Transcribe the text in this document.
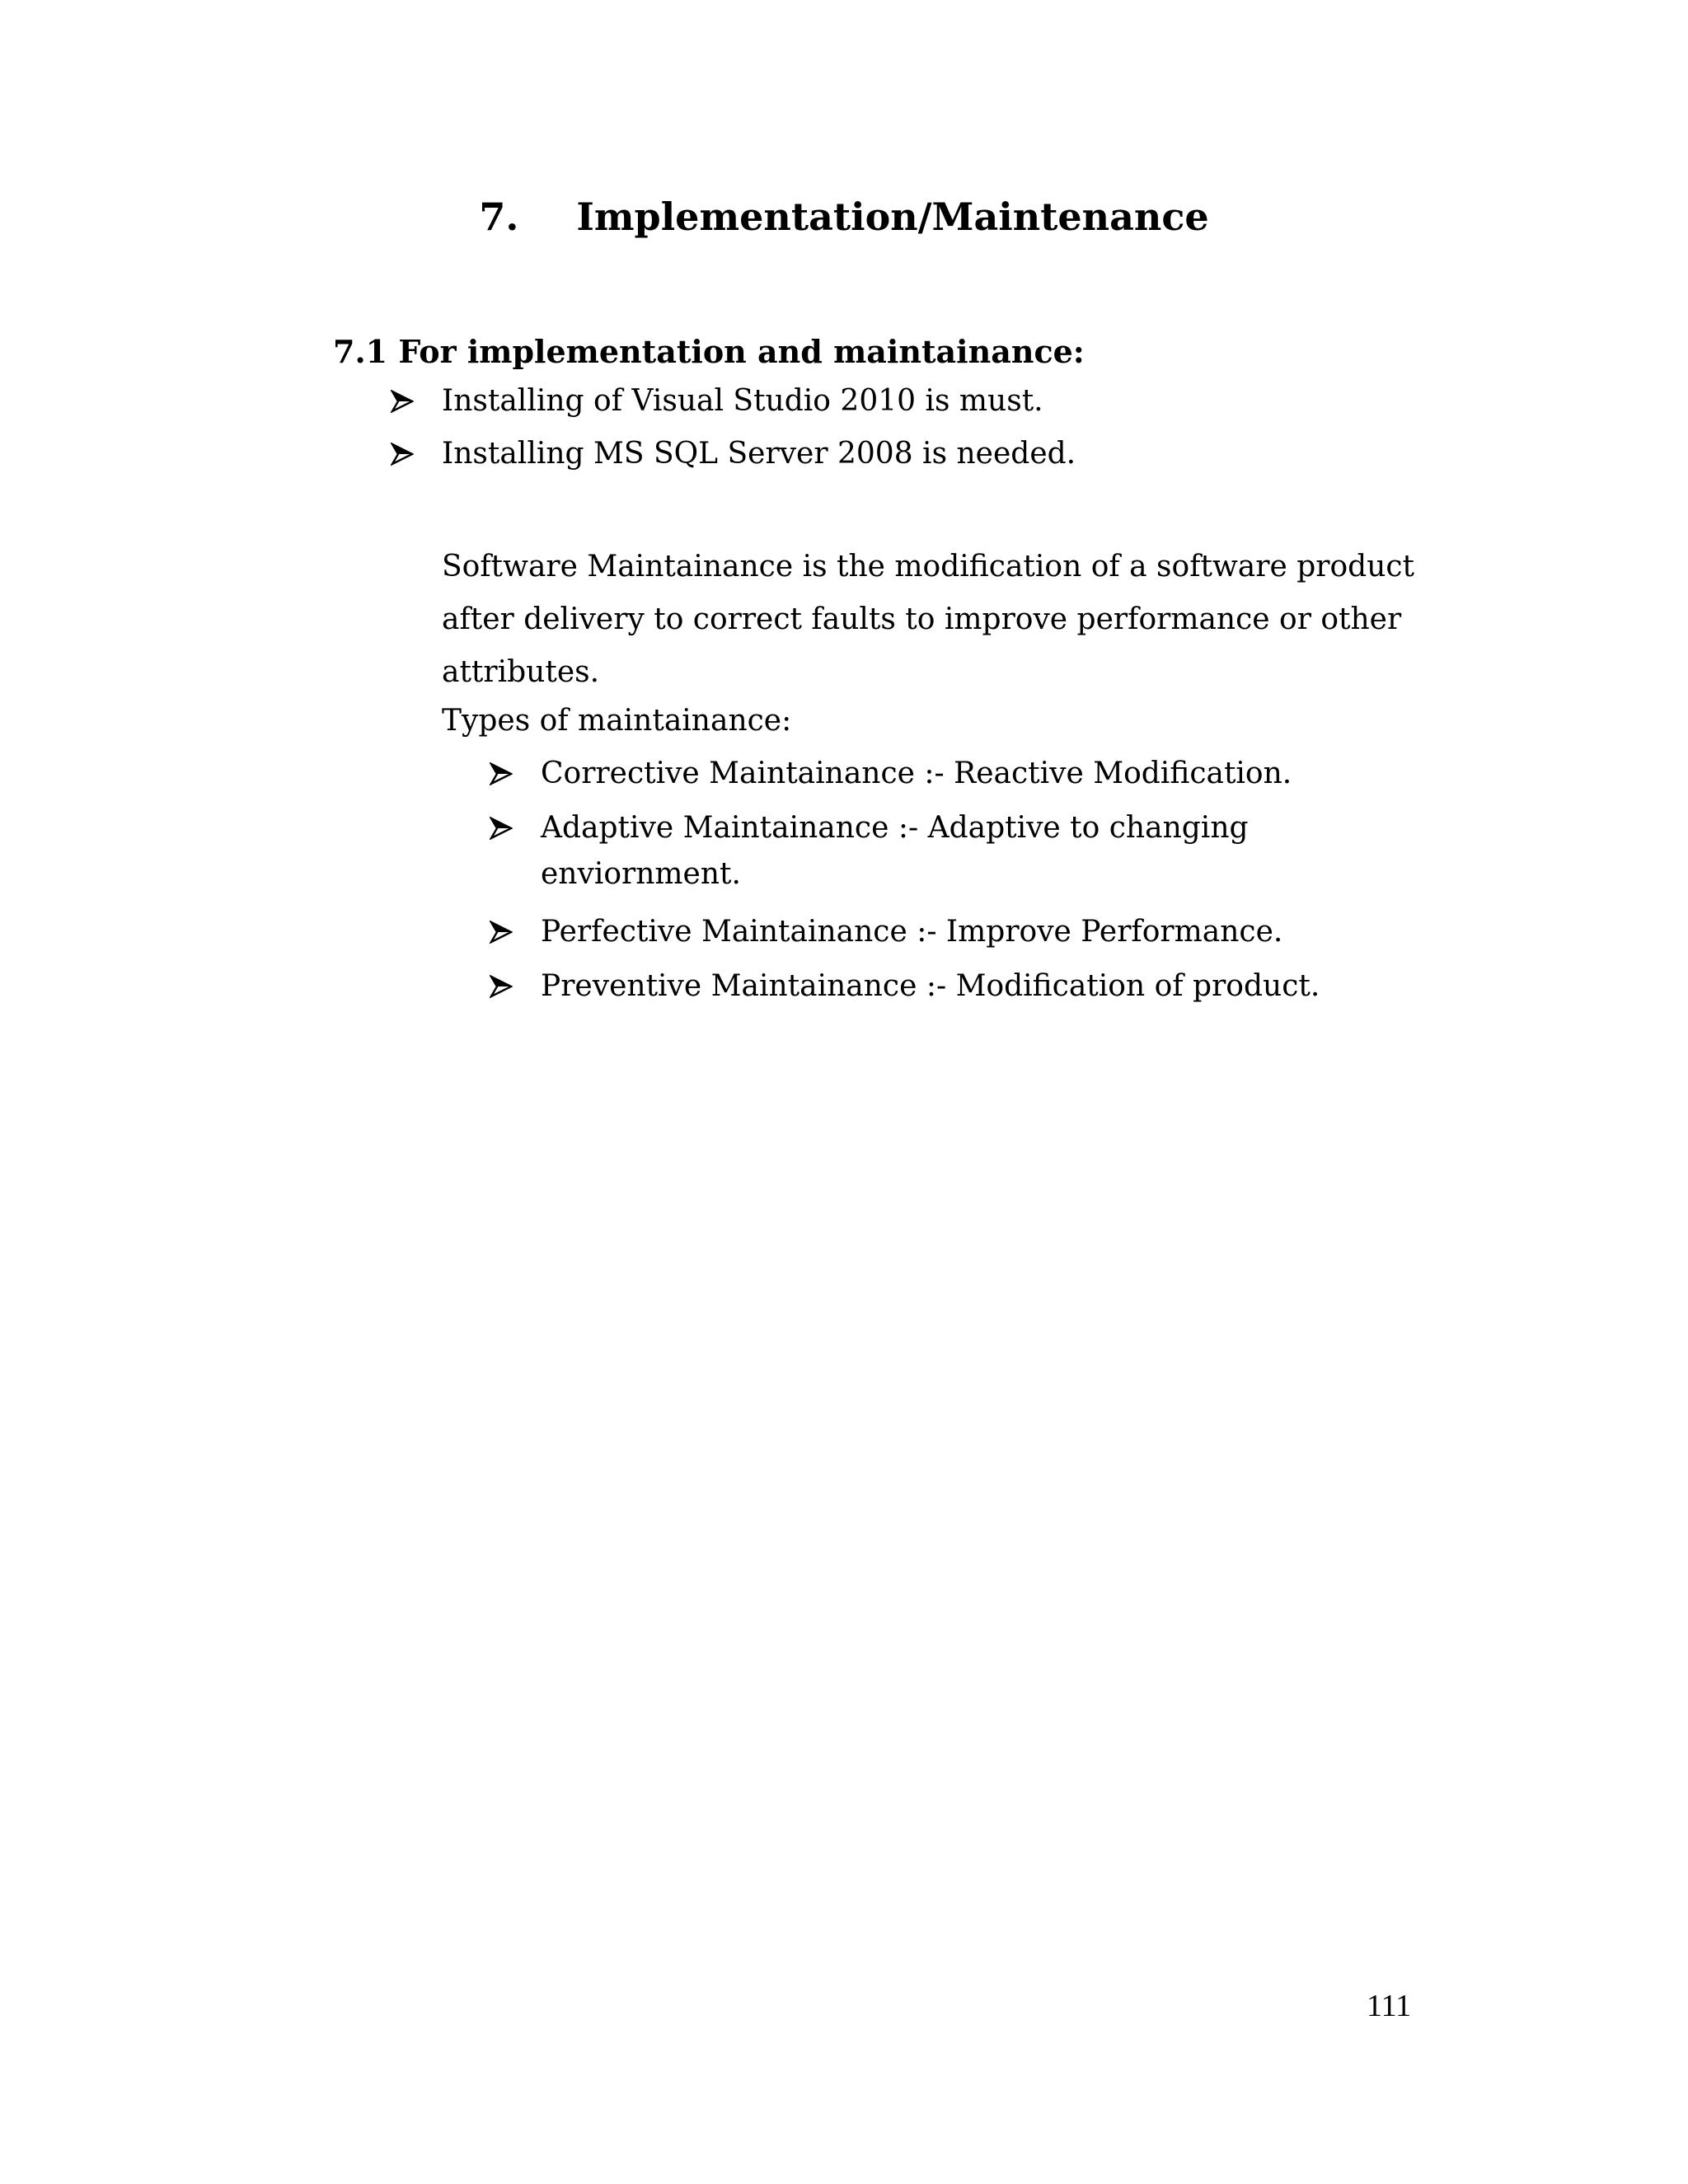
7.	Implementation/Maintenance
7.1 For implementation and maintainance:
Installing of Visual Studio 2010 is must.
Installing MS SQL Server 2008 is needed.
Software Maintainance is the modification of a software product after delivery to correct faults to improve performance or other attributes.
Types of maintainance:
Corrective Maintainance :- Reactive Modification.
Adaptive Maintainance :- Adaptive to changing
enviornment.
Perfective Maintainance :- Improve Performance.
Preventive Maintainance :- Modification of product.
111
